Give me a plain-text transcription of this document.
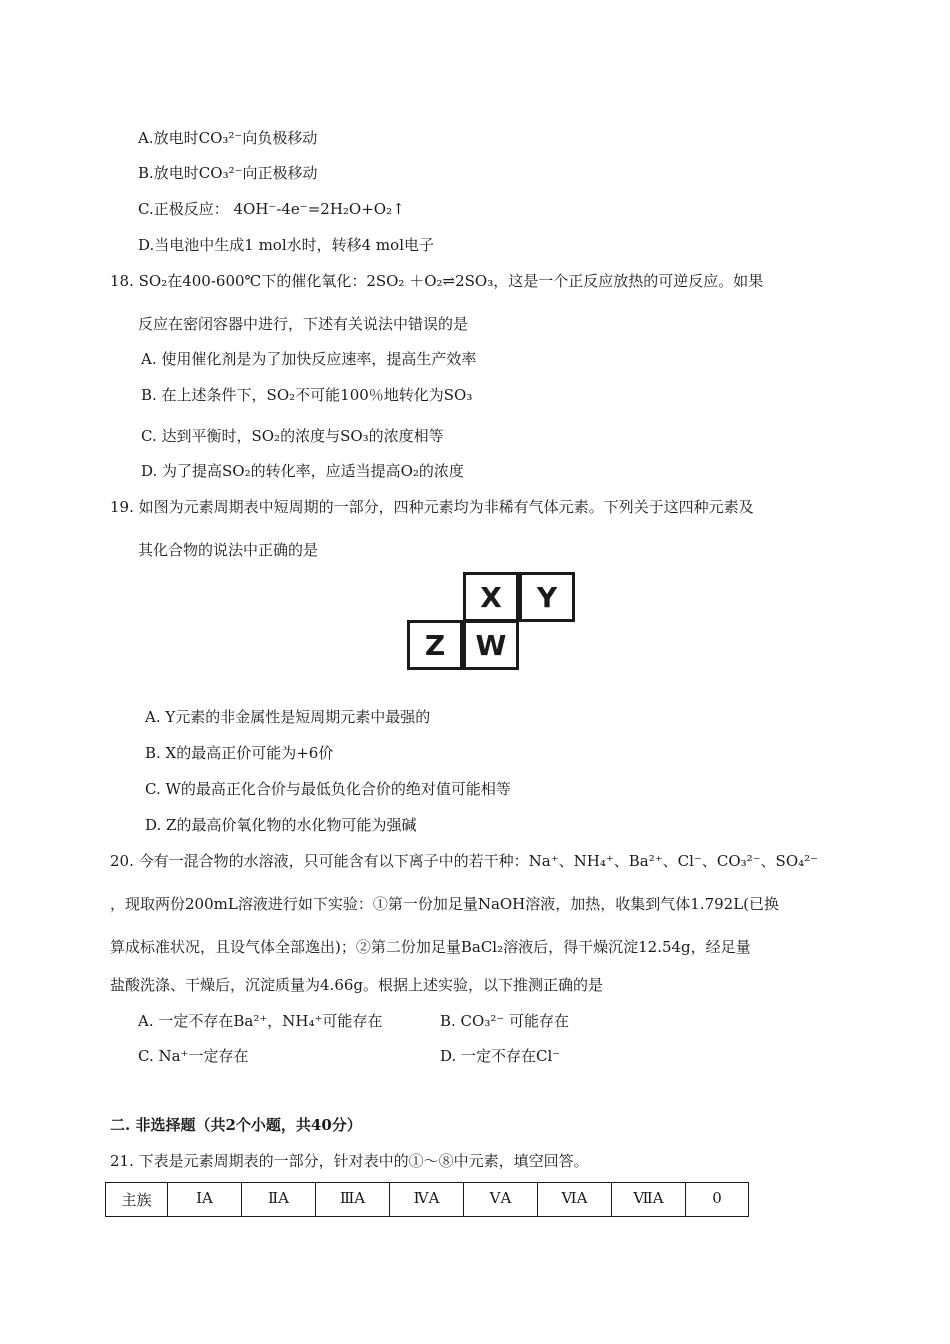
A.放电时CO₃²⁻向负极移动
B.放电时CO₃²⁻向正极移动
C.正极反应： 4OH⁻-4e⁻=2H₂O+O₂↑
D.当电池中生成1 mol水时，转移4 mol电子
18. SO₂在400-600℃下的催化氧化：2SO₂ ＋O₂⇌2SO₃，这是一个正反应放热的可逆反应。如果
反应在密闭容器中进行，下述有关说法中错误的是
A. 使用催化剂是为了加快反应速率，提高生产效率
B. 在上述条件下，SO₂不可能100％地转化为SO₃
C. 达到平衡时，SO₂的浓度与SO₃的浓度相等
D. 为了提高SO₂的转化率，应适当提高O₂的浓度
19. 如图为元素周期表中短周期的一部分，四种元素均为非稀有气体元素。下列关于这四种元素及
其化合物的说法中正确的是
X	Y
Z	W
A. Y元素的非金属性是短周期元素中最强的
B. X的最高正价可能为+6价
C. W的最高正化合价与最低负化合价的绝对值可能相等
D. Z的最高价氧化物的水化物可能为强碱
20. 今有一混合物的水溶液，只可能含有以下离子中的若干种：Na⁺、NH₄⁺、Ba²⁺、Cl⁻、CO₃²⁻、SO₄²⁻
，现取两份200mL溶液进行如下实验：①第一份加足量NaOH溶液，加热，收集到气体1.792L(已换
算成标准状况，且设气体全部逸出)；②第二份加足量BaCl₂溶液后，得干燥沉淀12.54g，经足量
盐酸洗涤、干燥后，沉淀质量为4.66g。根据上述实验，以下推测正确的是
A. 一定不存在Ba²⁺，NH₄⁺可能存在	B. CO₃²⁻ 可能存在
C. Na⁺一定存在	D. 一定不存在Cl⁻
二. 非选择题（共2个小题，共40分）
21. 下表是元素周期表的一部分，针对表中的①～⑧中元素，填空回答。
主族	ⅠA	ⅡA	ⅢA	ⅣA	ⅤA	ⅥA	ⅦA	0
